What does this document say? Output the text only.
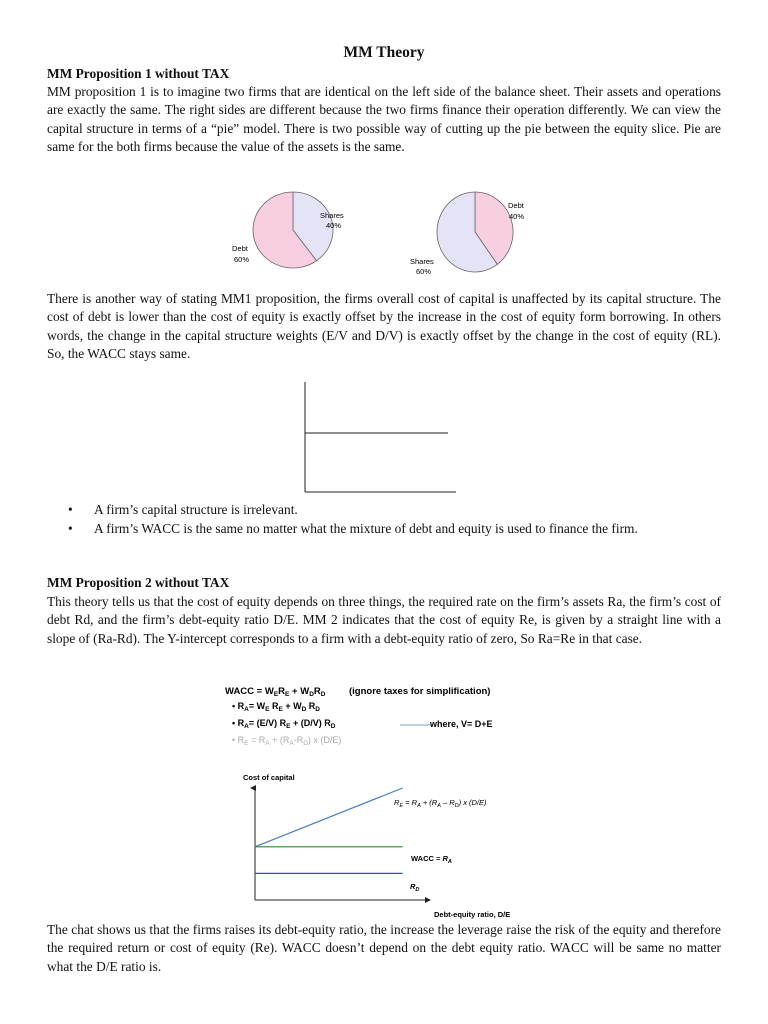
MM Theory
MM Proposition 1 without TAX

MM proposition 1 is to imagine two firms that are identical on the left side of the balance sheet. Their assets and operations are exactly the same. The right sides are different because the two firms finance their operation differently. We can view the capital structure in terms of a “pie” model. There is two possible way of cutting up the pie between the equity slice. Pie are same for the both firms because the value of the assets is the same.

Shares
40%
Debt
60%
Debt
40%
Shares
60%

There is another way of stating MM1 proposition, the firms overall cost of capital is unaffected by its capital structure. The cost of debt is lower than the cost of equity is exactly offset by the increase in the cost of equity form borrowing. In others words, the change in the capital structure weights (E/V and D/V) is exactly offset by the change in the cost of equity (RL). So, the WACC stays same.

• A firm’s capital structure is irrelevant.
• A firm’s WACC is the same no matter what the mixture of debt and equity is used to finance the firm.
MM Proposition 2 without TAX

This theory tells us that the cost of equity depends on three things, the required rate on the firm’s assets Ra, the firm’s cost of debt Rd, and the firm’s debt-equity ratio D/E. MM 2 indicates that the cost of equity Re, is given by a straight line with a slope of (Ra-Rd). The Y-intercept corresponds to a firm with a debt-equity ratio of zero, So Ra=Re in that case.

WACC = $W_ER_E + W_DR_D$ (ignore taxes for simplification)
• $R_A= W_E$ $R_E + W_D$ $R_D$
• $R_A= (E/V) R_E + (D/V)$ $R_D$	where, V= D+E
• $R_E = R_A + (R_A-R_D)$ x (D/E)
Cost of capital
$R_E = R_A + (R_A - R_D)$ x (D/E)
WACC = $R_A$
$R_D$
Debt-equity ratio, D/E

The chat shows us that the firms raises its debt-equity ratio, the increase the leverage raise the risk of the equity and therefore the required return or cost of equity (Re). WACC doesn’t depend on the debt equity ratio. WACC will be same no matter what the D/E ratio is.
